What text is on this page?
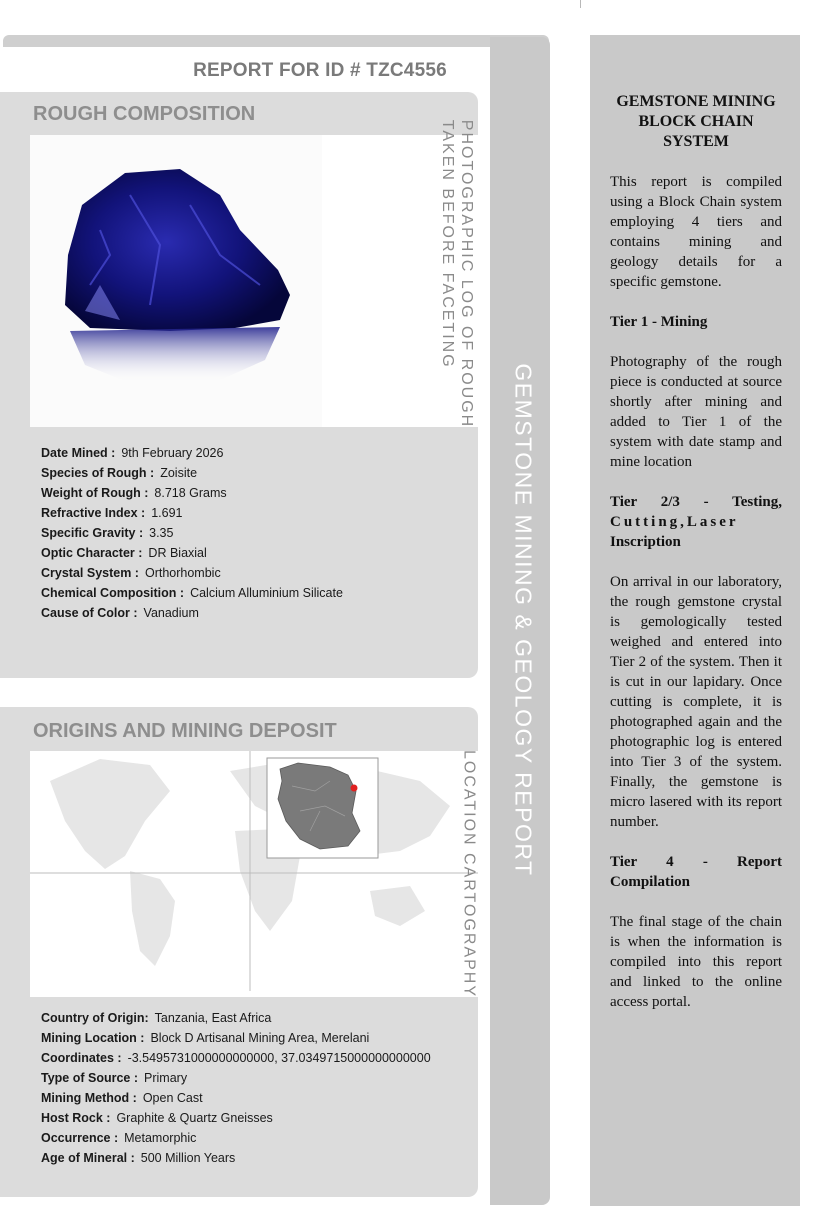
REPORT FOR ID # TZC4556
ROUGH COMPOSITION
PHOTOGRAPHIC LOG OF ROUGH
TAKEN BEFORE FACETING
Date Mined : 9th February 2026
Species of Rough : Zoisite
Weight of Rough : 8.718 Grams
Refractive Index : 1.691
Specific Gravity : 3.35
Optic Character : DR Biaxial
Crystal System : Orthorhombic
Chemical Composition : Calcium Alluminium Silicate
Cause of Color : Vanadium
ORIGINS AND MINING DEPOSIT
LOCATION CARTOGRAPHY
Country of Origin: Tanzania, East Africa
Mining Location : Block D Artisanal Mining Area, Merelani
Coordinates : -3.5495731000000000000, 37.0349715000000000000
Type of Source : Primary
Mining Method : Open Cast
Host Rock : Graphite & Quartz Gneisses
Occurrence : Metamorphic
Age of Mineral : 500 Million Years
GEMSTONE MINING & GEOLOGY REPORT
GEMSTONE MINING BLOCK CHAIN SYSTEM

This report is compiled using a Block Chain system employing 4 tiers and contains mining and geology details for a specific gemstone.

Tier 1 - Mining

Photography of the rough piece is conducted at source shortly after mining and added to Tier 1 of the system with date stamp and mine location

Tier 2/3 - Testing,
Cutting,Laser
Inscription

On arrival in our laboratory, the rough gemstone crystal is gemologically tested weighed and entered into Tier 2 of the system. Then it is cut in our lapidary. Once cutting is complete, it is photographed again and the photographic log is entered into Tier 3 of the system. Finally, the gemstone is micro lasered with its report number.

Tier 4 - Report Compilation

The final stage of the chain is when the information is compiled into this report and linked to the online access portal.
